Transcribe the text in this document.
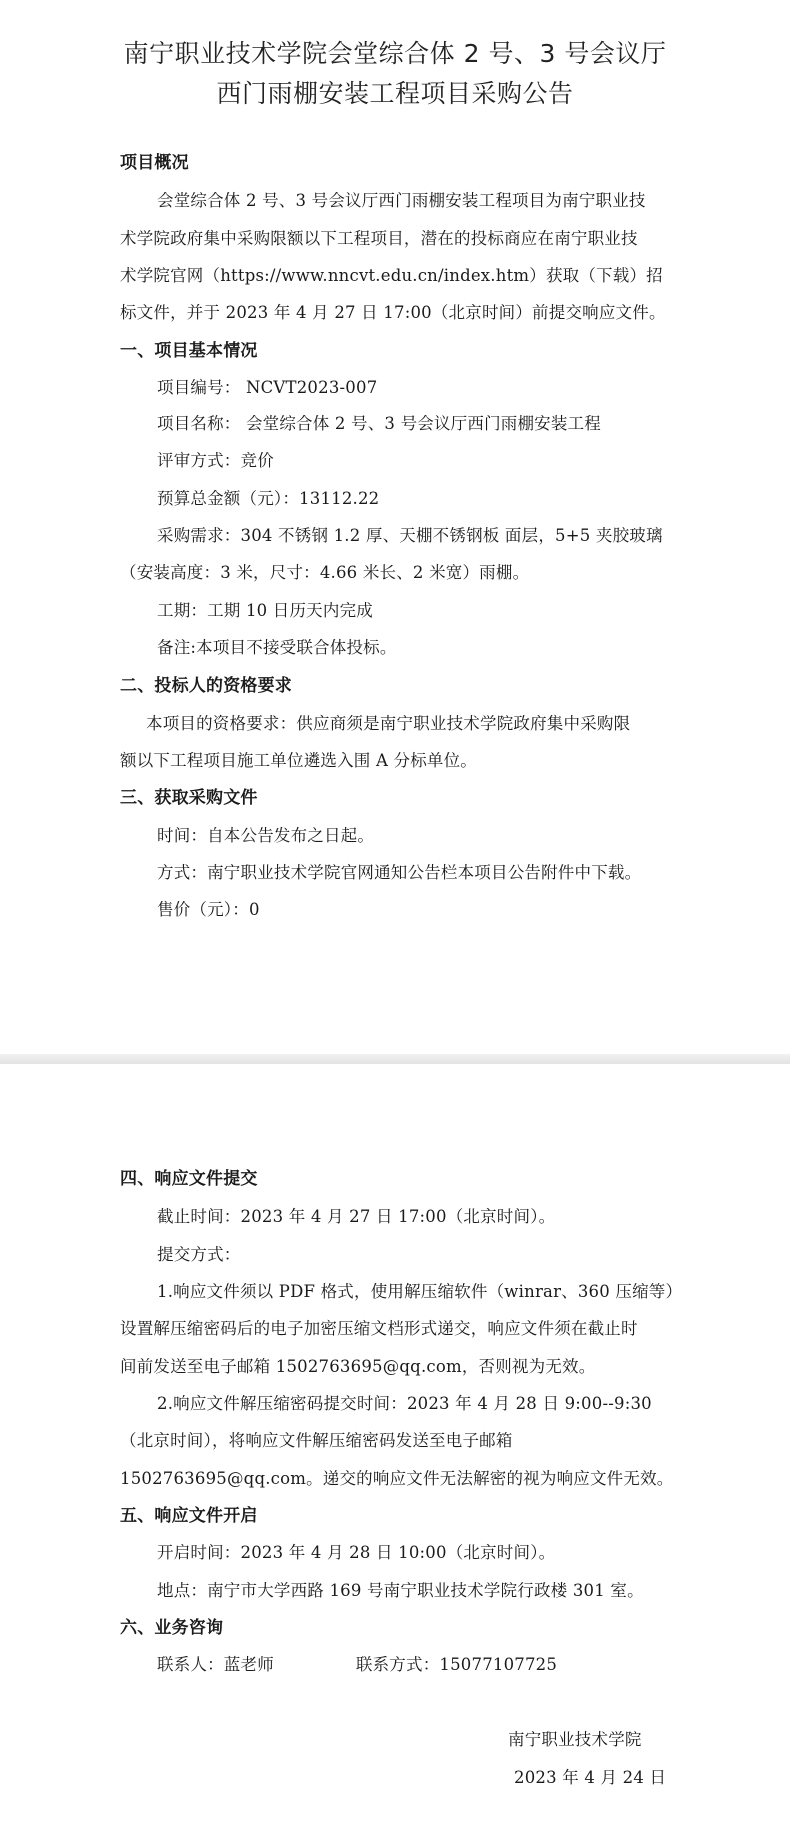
南宁职业技术学院会堂综合体 2 号、3 号会议厅
西门雨棚安装工程项目采购公告
项目概况
会堂综合体 2 号、3 号会议厅西门雨棚安装工程项目为南宁职业技
术学院政府集中采购限额以下工程项目，潜在的投标商应在南宁职业技
术学院官网（https://www.nncvt.edu.cn/index.htm）获取（下载）招
标文件，并于 2023 年 4 月 27 日 17:00（北京时间）前提交响应文件。
一、项目基本情况
项目编号： NCVT2023-007
项目名称： 会堂综合体 2 号、3 号会议厅西门雨棚安装工程
评审方式：竞价
预算总金额（元）：13112.22
采购需求：304 不锈钢 1.2 厚、天棚不锈钢板 面层，5+5 夹胶玻璃
（安装高度：3 米，尺寸：4.66 米长、2 米宽）雨棚。
工期：工期 10 日历天内完成
备注:本项目不接受联合体投标。
二、投标人的资格要求
本项目的资格要求：供应商须是南宁职业技术学院政府集中采购限
额以下工程项目施工单位遴选入围 A 分标单位。
三、获取采购文件
时间：自本公告发布之日起。
方式：南宁职业技术学院官网通知公告栏本项目公告附件中下载。
售价（元）：0
四、响应文件提交
截止时间：2023 年 4 月 27 日 17:00（北京时间）。
提交方式：
1.响应文件须以 PDF 格式，使用解压缩软件（winrar、360 压缩等）
设置解压缩密码后的电子加密压缩文档形式递交，响应文件须在截止时
间前发送至电子邮箱 1502763695@qq.com，否则视为无效。
2.响应文件解压缩密码提交时间：2023 年 4 月 28 日 9:00--9:30
（北京时间），将响应文件解压缩密码发送至电子邮箱
1502763695@qq.com。递交的响应文件无法解密的视为响应文件无效。
五、响应文件开启
开启时间：2023 年 4 月 28 日 10:00（北京时间）。
地点：南宁市大学西路 169 号南宁职业技术学院行政楼 301 室。
六、业务咨询
联系人：蓝老师	联系方式：15077107725
南宁职业技术学院
2023 年 4 月 24 日
